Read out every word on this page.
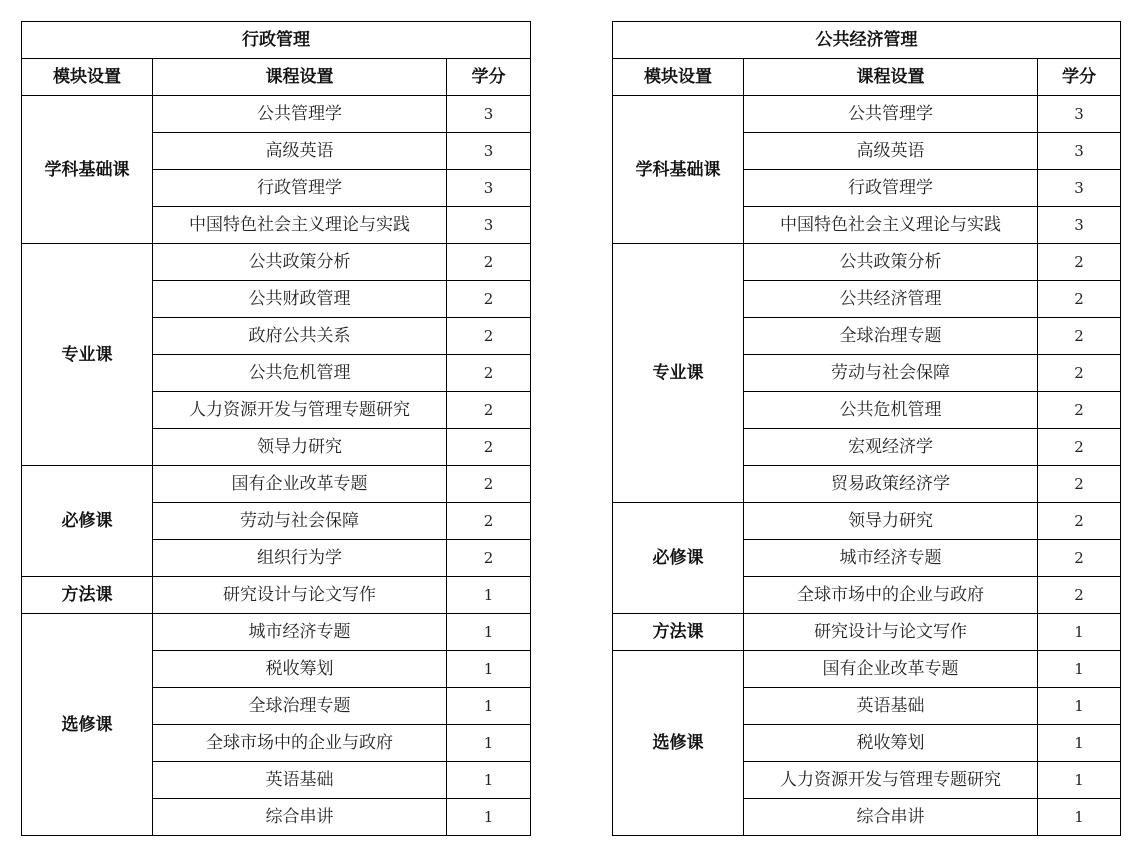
行政管理		
模块设置	课程设置	学分
学科基础课	公共管理学	3
	高级英语	3
	行政管理学	3
	中国特色社会主义理论与实践	3
专业课	公共政策分析	2
	公共财政管理	2
	政府公共关系	2
	公共危机管理	2
	人力资源开发与管理专题研究	2
	领导力研究	2
必修课	国有企业改革专题	2
	劳动与社会保障	2
	组织行为学	2
方法课	研究设计与论文写作	1
选修课	城市经济专题	1
	税收筹划	1
	全球治理专题	1
	全球市场中的企业与政府	1
	英语基础	1
	综合串讲	1
公共经济管理		
模块设置	课程设置	学分
学科基础课	公共管理学	3
	高级英语	3
	行政管理学	3
	中国特色社会主义理论与实践	3
专业课	公共政策分析	2
	公共经济管理	2
	全球治理专题	2
	劳动与社会保障	2
	公共危机管理	2
	宏观经济学	2
	贸易政策经济学	2
必修课	领导力研究	2
	城市经济专题	2
	全球市场中的企业与政府	2
方法课	研究设计与论文写作	1
选修课	国有企业改革专题	1
	英语基础	1
	税收筹划	1
	人力资源开发与管理专题研究	1
	综合串讲	1
